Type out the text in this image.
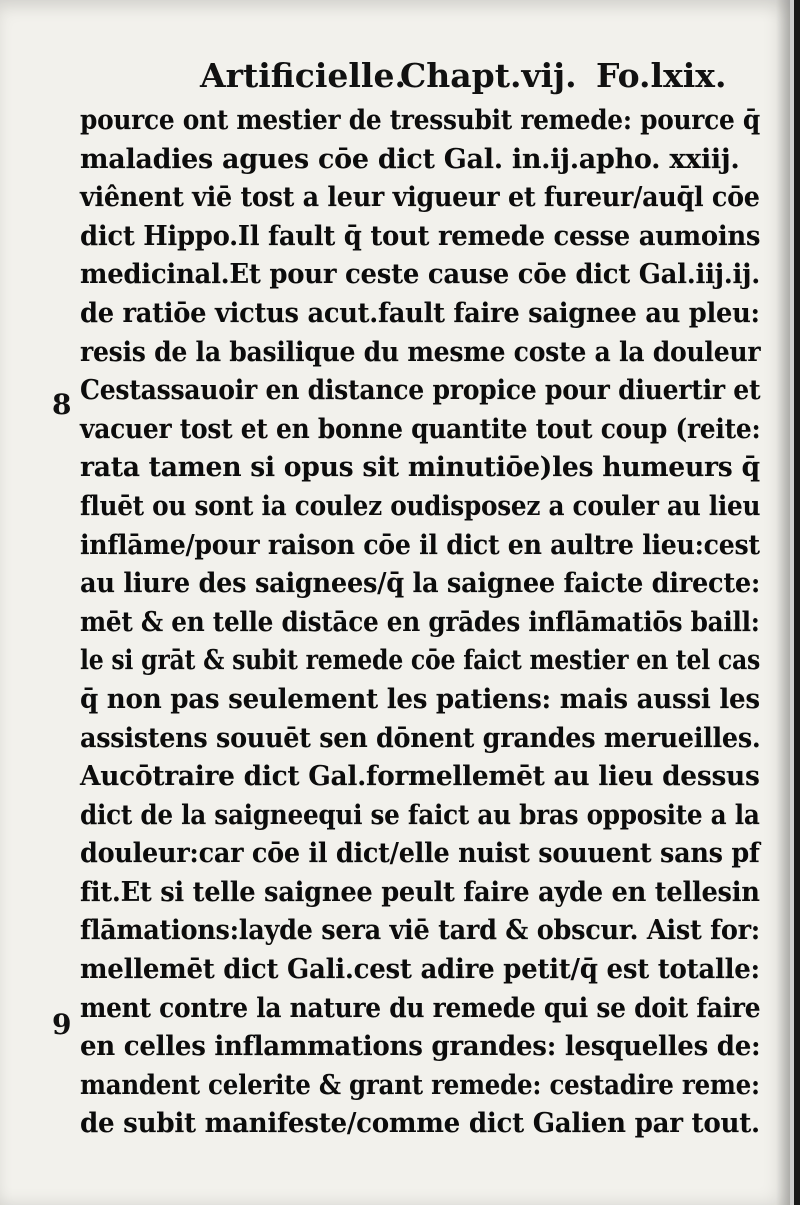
Artificielle.
Chapt.vij. Fo.lxix.
8
9
pource ont mestier de tressubit remede: pource q̄
maladies agues cōe dict Gal. in.ij.apho. xxiij.
viênent viē tost a leur vigueur et fureur/auq̄l cōe
dict Hippo.Il fault q̄ tout remede cesse aumoins
medicinal.Et pour ceste cause cōe dict Gal.iij.ij.
de ratiōe victus acut.fault faire saignee au pleu:
resis de la basilique du mesme coste a la douleur
Cestassauoir en distance propice pour diuertir et
vacuer tost et en bonne quantite tout coup (reite:
rata tamen si opus sit minutiōe)les humeurs q̄
fluēt ou sont ia coulez oudisposez a couler au lieu
inflāme/pour raison cōe il dict en aultre lieu:cest
au liure des saignees/q̄ la saignee faicte directe:
mēt & en telle distāce en grādes inflāmatiōs baill:
le si grāt & subit remede cōe faict mestier en tel cas
q̄ non pas seulement les patiens: mais aussi les
assistens souuēt sen dōnent grandes merueilles.
Aucōtraire dict Gal.formellemēt au lieu dessus
dict de la saigneequi se faict au bras opposite a la
douleur:car cōe il dict/elle nuist souuent sans pf
fit.Et si telle saignee peult faire ayde en tellesin
flāmations:layde sera viē tard & obscur. Aist for:
mellemēt dict Gali.cest adire petit/q̄ est totalle:
ment contre la nature du remede qui se doit faire
en celles inflammations grandes: lesquelles de:
mandent celerite & grant remede: cestadire reme:
de subit manifeste/comme dict Galien par tout.
